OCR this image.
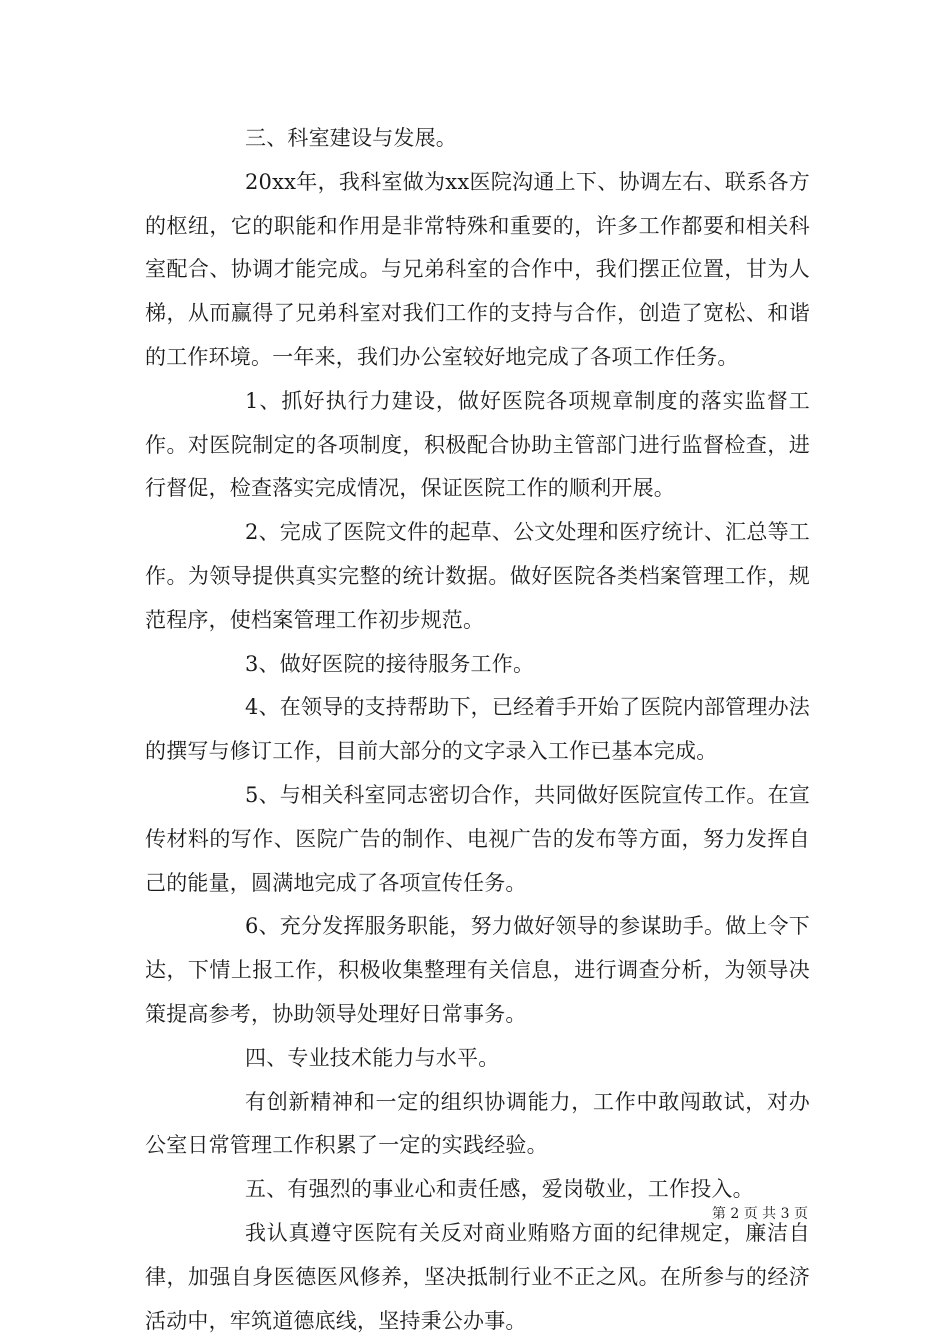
三、科室建设与发展。

20xx年，我科室做为xx医院沟通上下、协调左右、联系各方的枢纽，它的职能和作用是非常特殊和重要的，许多工作都要和相关科室配合、协调才能完成。与兄弟科室的合作中，我们摆正位置，甘为人梯，从而赢得了兄弟科室对我们工作的支持与合作，创造了宽松、和谐的工作环境。一年来，我们办公室较好地完成了各项工作任务。

1、抓好执行力建设，做好医院各项规章制度的落实监督工作。对医院制定的各项制度，积极配合协助主管部门进行监督检查，进行督促，检查落实完成情况，保证医院工作的顺利开展。

2、完成了医院文件的起草、公文处理和医疗统计、汇总等工作。为领导提供真实完整的统计数据。做好医院各类档案管理工作，规范程序，使档案管理工作初步规范。

3、做好医院的接待服务工作。

4、在领导的支持帮助下，已经着手开始了医院内部管理办法的撰写与修订工作，目前大部分的文字录入工作已基本完成。

5、与相关科室同志密切合作，共同做好医院宣传工作。在宣传材料的写作、医院广告的制作、电视广告的发布等方面，努力发挥自己的能量，圆满地完成了各项宣传任务。

6、充分发挥服务职能，努力做好领导的参谋助手。做上令下达，下情上报工作，积极收集整理有关信息，进行调查分析，为领导决策提高参考，协助领导处理好日常事务。

四、专业技术能力与水平。

有创新精神和一定的组织协调能力，工作中敢闯敢试，对办公室日常管理工作积累了一定的实践经验。

五、有强烈的事业心和责任感，爱岗敬业，工作投入。

我认真遵守医院有关反对商业贿赂方面的纪律规定，廉洁自律，加强自身医德医风修养，坚决抵制行业不正之风。在所参与的经济活动中，牢筑道德底线，坚持秉公办事。

第 2 页 共 3 页
